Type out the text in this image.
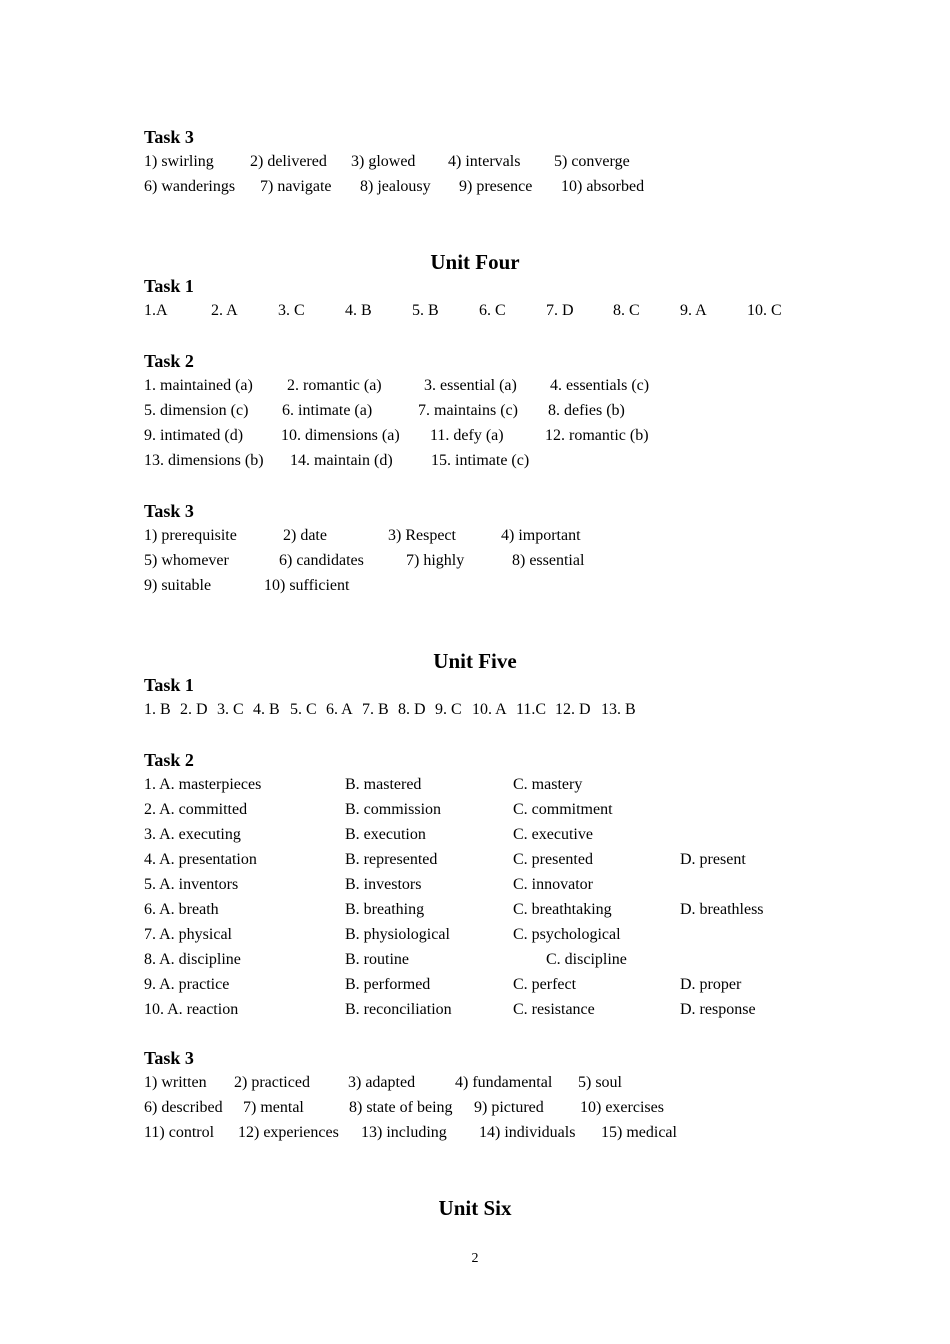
Task 3
1) swirling 2) delivered 3) glowed 4) intervals 5) converge
6) wanderings 7) navigate 8) jealousy 9) presence 10) absorbed
Unit Four
Task 1
1.A	2. A	3. C	4. B	5. B	6. C	7. D 8. C	9. A	10. C
Task 2
1. maintained (a) 2. romantic (a)	3. essential (a) 4. essentials (c)
5. dimension (c) 6. intimate (a)	7. maintains (c) 8. defies (b)
9. intimated (d) 10. dimensions (a) 11. defy (a)	12. romantic (b)
13. dimensions (b) 14. maintain (d) 15. intimate (c)
Task 3
1) prerequisite	2) date	3) Respect	4) important
5) whomever	6) candidates	7) highly	8) essential
9) suitable	10) sufficient
Unit Five
Task 1
1. B 2. D 3. C 4. B 5. C 6. A 7. B 8. D 9. C 10. A 11.C 12. D 13. B
Task 2
1. A. masterpieces	B. mastered	C. mastery
2. A. committed	B. commission	C. commitment
3. A. executing	B. execution	C. executive
4. A. presentation	B. represented	C. presented	D. present
5. A. inventors	B. investors	C. innovator
6. A. breath	B. breathing	C. breathtaking	D. breathless
7. A. physical	B. physiological	C. psychological
8. A. discipline	B. routine	C. discipline
9. A. practice	B. performed	C. perfect	D. proper
10. A. reaction	B. reconciliation	C. resistance	D. response
Task 3
1) written 2) practiced 3) adapted 4) fundamental 5) soul
6) described 7) mental	8) state of being 9) pictured 10) exercises
11) control 12) experiences 13) including 14) individuals 15) medical
Unit Six
2
